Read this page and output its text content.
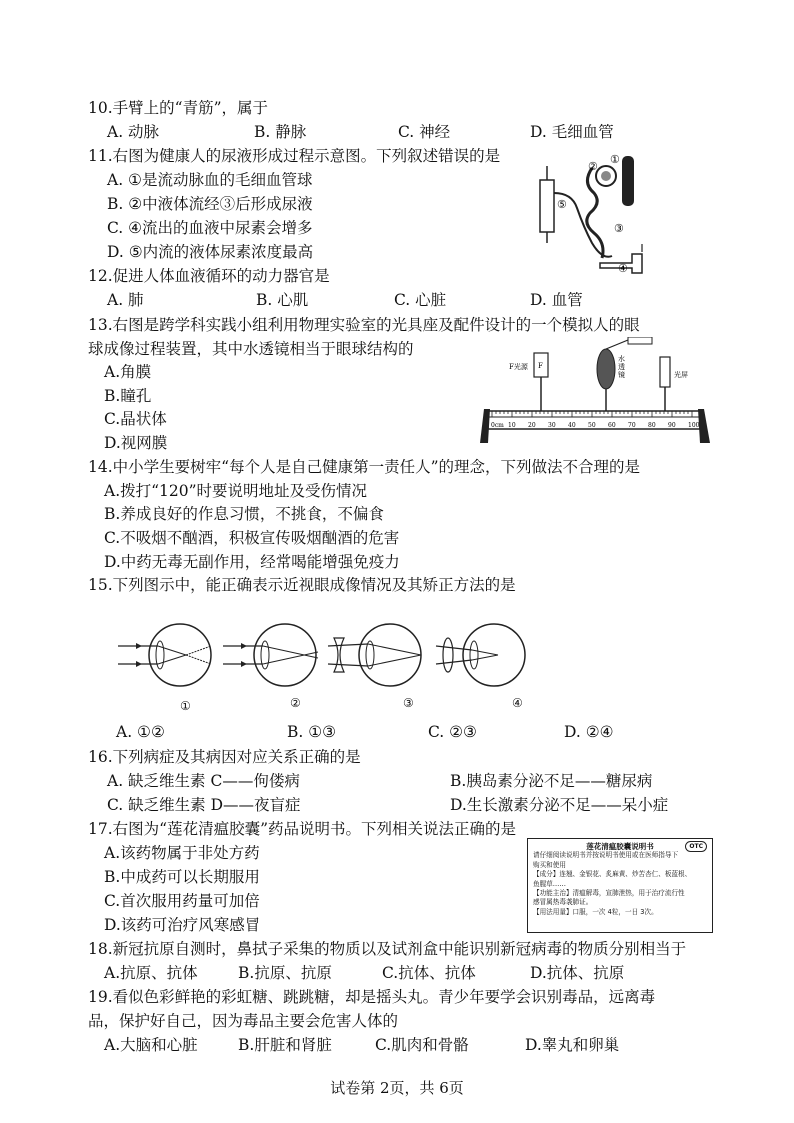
10.手臂上的“青筋”，属于
A. 动脉	B. 静脉	C. 神经	D. 毛细血管
11.右图为健康人的尿液形成过程示意图。下列叙述错误的是
A. ①是流动脉血的毛细血管球
B. ②中液体流经③后形成尿液
C. ④流出的血液中尿素会增多
D. ⑤内流的液体尿素浓度最高
②
①
③
④
⑤
12.促进人体血液循环的动力器官是
A. 肺	B. 心肌	C. 心脏	D. 血管
13.右图是跨学科实践小组利用物理实验室的光具座及配件设计的一个模拟人的眼
球成像过程装置，其中水透镜相当于眼球结构的
A.角膜
B.瞳孔
C.晶状体
D.视网膜
0cm 10 20 30 40 50 60 70 80 90 100
F光源 F
水透镜	光屏
14.中小学生要树牢“每个人是自己健康第一责任人”的理念，下列做法不合理的是
A.拨打“120”时要说明地址及受伤情况
B.养成良好的作息习惯，不挑食，不偏食
C.不吸烟不酗酒，积极宣传吸烟酗酒的危害
D.中药无毒无副作用，经常喝能增强免疫力
15.下列图示中，能正确表示近视眼成像情况及其矫正方法的是
①	②	③	④
A. ①②	B. ①③	C. ②③	D. ②④
16.下列病症及其病因对应关系正确的是
A. 缺乏维生素 C——佝偻病	B.胰岛素分泌不足——糖尿病
C. 缺乏维生素 D——夜盲症	D.生长激素分泌不足——呆小症
17.右图为“莲花清瘟胶囊”药品说明书。下列相关说法正确的是
A.该药物属于非处方药
B.中成药可以长期服用
C.首次服用药量可加倍
D.该药可治疗风寒感冒
莲花清瘟胶囊说明书	OTC
请仔细阅读说明书并按说明书使用或在医师指导下
购买和使用
【成分】连翘、金银花、炙麻黄、炒苦杏仁、板蓝根、
鱼腥草……
【功能主治】清瘟解毒，宣肺泄热，用于治疗流行性
感冒属热毒袭肺证。
【用法用量】口服，一次 4粒，一日 3次。
18.新冠抗原自测时，鼻拭子采集的物质以及试剂盒中能识别新冠病毒的物质分别相当于
A.抗原、抗体	B.抗原、抗原	C.抗体、抗体	D.抗体、抗原
19.看似色彩鲜艳的彩虹糖、跳跳糖，却是摇头丸。青少年要学会识别毒品，远离毒
品，保护好自己，因为毒品主要会危害人体的
A.大脑和心脏	B.肝脏和肾脏	C.肌肉和骨骼	D.睾丸和卵巢
试卷第 2页，共 6页
